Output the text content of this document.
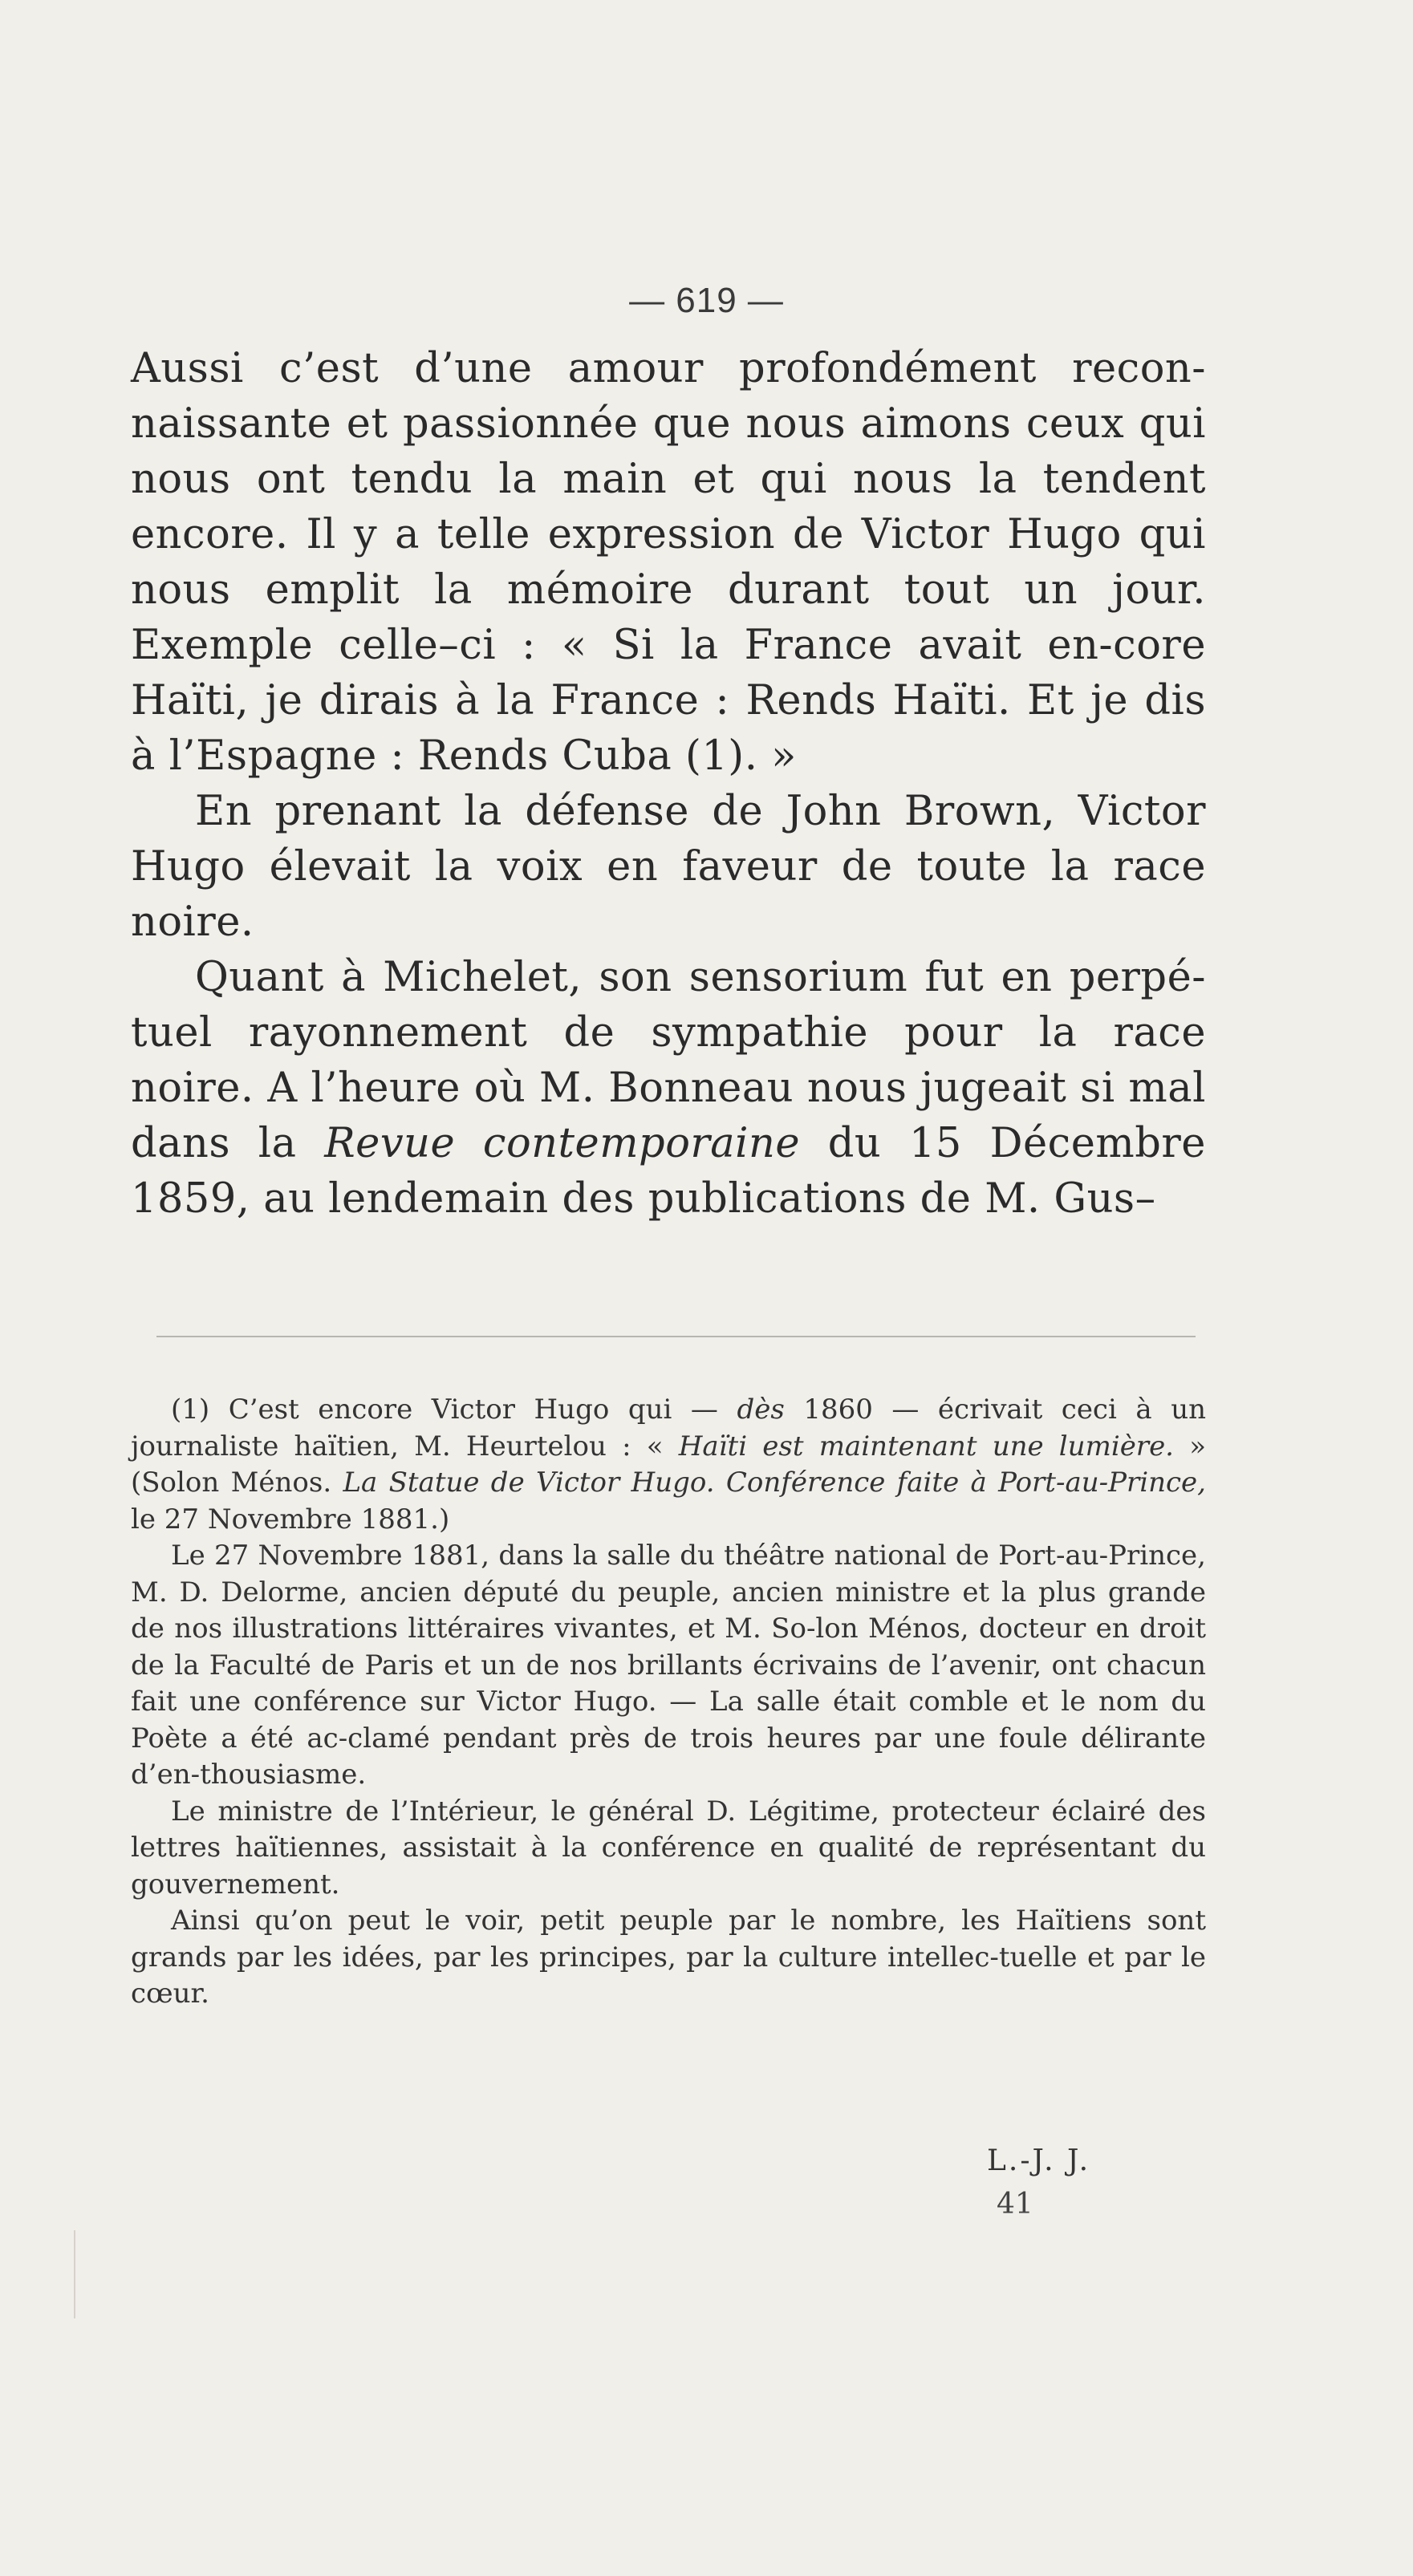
— 619 —

Aussi c’est d’une amour profondément recon-naissante et passionnée que nous aimons ceux qui nous ont tendu la main et qui nous la tendent encore. Il y a telle expression de Victor Hugo qui nous emplit la mémoire durant tout un jour. Exemple celle–ci : « Si la France avait en-core Haïti, je dirais à la France : Rends Haïti. Et je dis à l’Espagne : Rends Cuba (1). »

En prenant la défense de John Brown, Victor Hugo élevait la voix en faveur de toute la race noire.

Quant à Michelet, son sensorium fut en perpé-tuel rayonnement de sympathie pour la race noire. A l’heure où M. Bonneau nous jugeait si mal dans la Revue contemporaine du 15 Décembre 1859, au lendemain des publications de M. Gus–

(1) C’est encore Victor Hugo qui — dès 1860 — écrivait ceci à un journaliste haïtien, M. Heurtelou : « Haïti est maintenant une lumière. » (Solon Ménos. La Statue de Victor Hugo. Conférence faite à Port-au-Prince, le 27 Novembre 1881.)

Le 27 Novembre 1881, dans la salle du théâtre national de Port-au-Prince, M. D. Delorme, ancien député du peuple, ancien ministre et la plus grande de nos illustrations littéraires vivantes, et M. So-lon Ménos, docteur en droit de la Faculté de Paris et un de nos brillants écrivains de l’avenir, ont chacun fait une conférence sur Victor Hugo. — La salle était comble et le nom du Poète a été ac-clamé pendant près de trois heures par une foule délirante d’en-thousiasme.

Le ministre de l’Intérieur, le général D. Légitime, protecteur éclairé des lettres haïtiennes, assistait à la conférence en qualité de représentant du gouvernement.

Ainsi qu’on peut le voir, petit peuple par le nombre, les Haïtiens sont grands par les idées, par les principes, par la culture intellec-tuelle et par le cœur.

L.-J. J.
41
